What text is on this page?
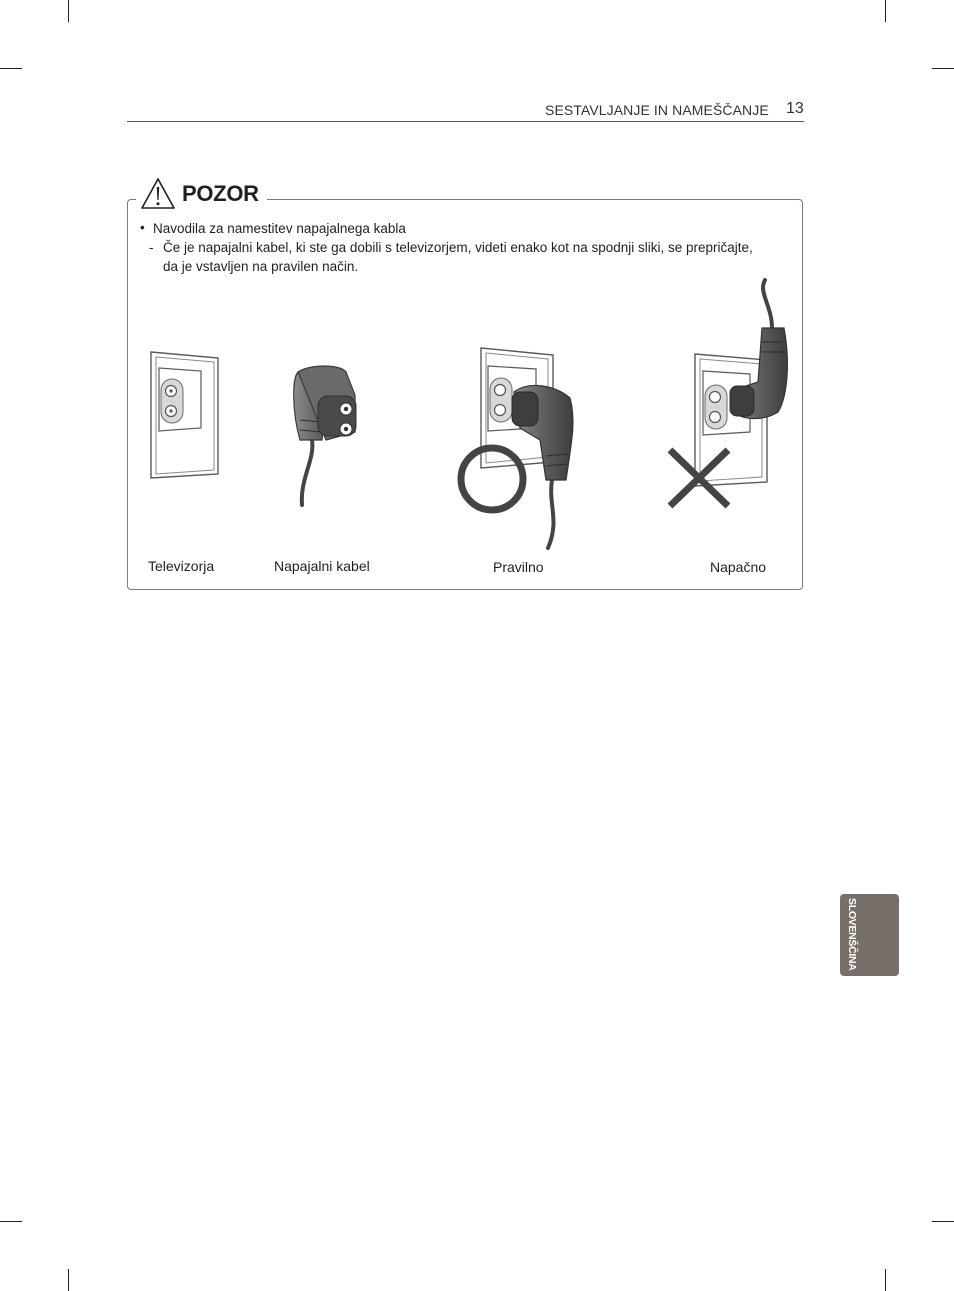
SESTAVLJANJE IN NAMEŠČANJE 13
POZOR
• Navodila za namestitev napajalnega kabla
- Če je napajalni kabel, ki ste ga dobili s televizorjem, videti enako kot na spodnji sliki, se prepričajte,
da je vstavljen na pravilen način.
Televizorja	Napajalni kabel	Pravilno	Napačno
SLOVENŠČINA
